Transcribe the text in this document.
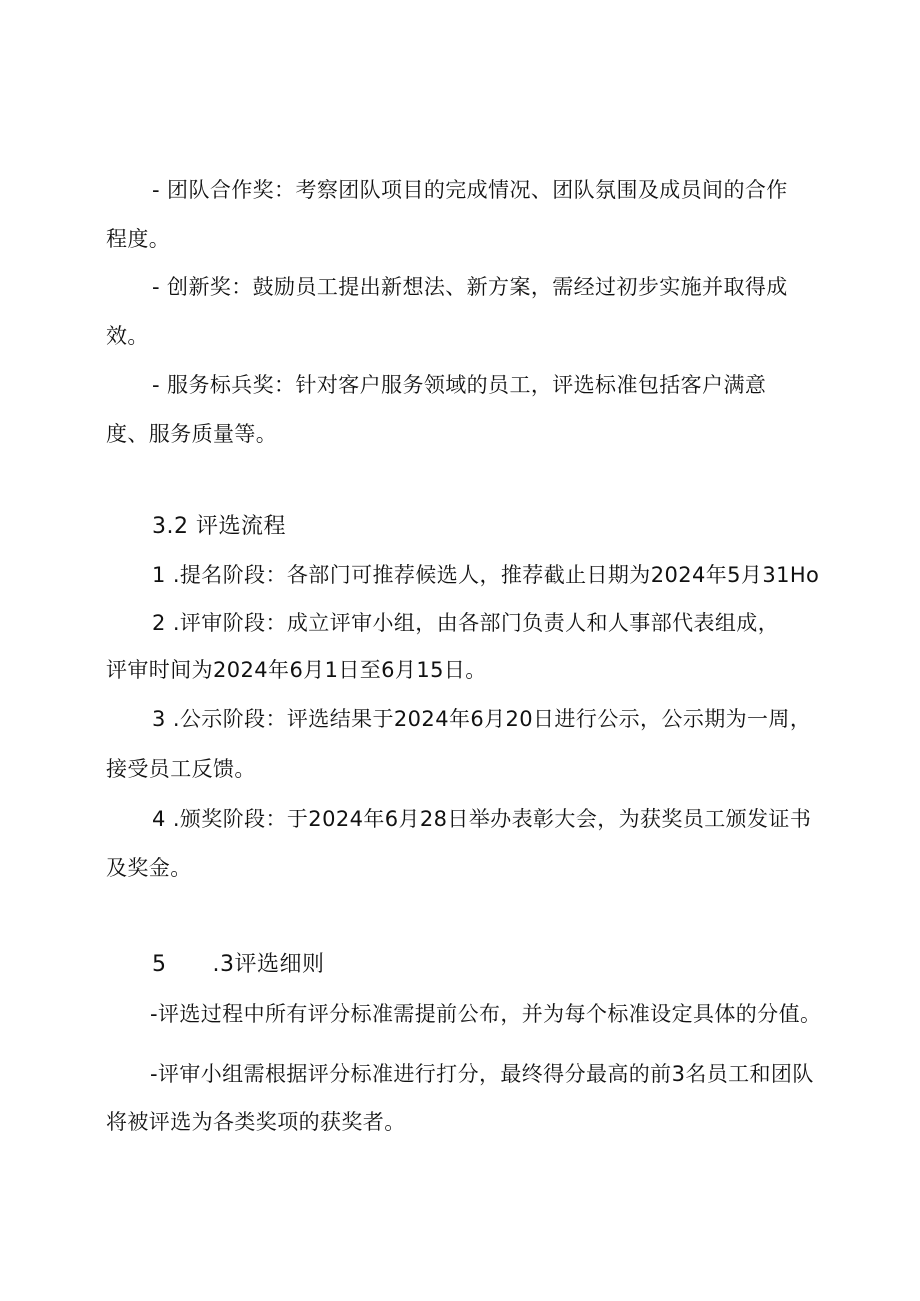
- 团队合作奖：考察团队项目的完成情况、团队氛围及成员间的合作
程度。
- 创新奖：鼓励员工提出新想法、新方案，需经过初步实施并取得成
效。
- 服务标兵奖：针对客户服务领域的员工，评选标准包括客户满意
度、服务质量等。
3.2 评选流程
1 .提名阶段：各部门可推荐候选人，推荐截止日期为2024年5月31Ho
2 .评审阶段：成立评审小组，由各部门负责人和人事部代表组成，
评审时间为2024年6月1日至6月15日。
3 .公示阶段：评选结果于2024年6月20日进行公示，公示期为一周，
接受员工反馈。
4 .颁奖阶段：于2024年6月28日举办表彰大会，为获奖员工颁发证书
及奖金。
5 .3评选细则
-评选过程中所有评分标准需提前公布，并为每个标准设定具体的分值。
-评审小组需根据评分标准进行打分，最终得分最高的前3名员工和团队
将被评选为各类奖项的获奖者。
